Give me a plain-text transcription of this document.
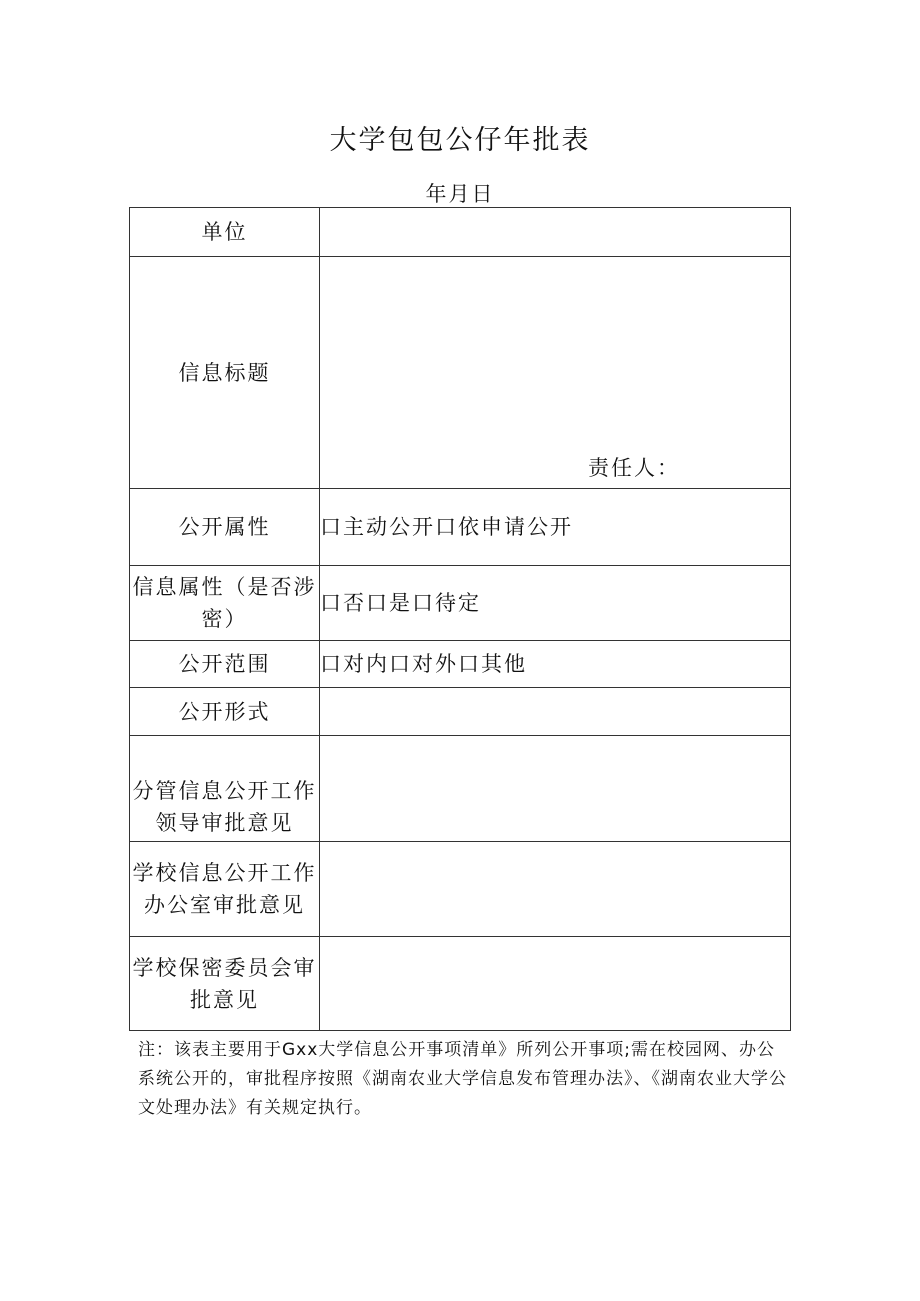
大学包包公仔年批表
年月日
单位	
信息标题	责任人：

公开属性	口主动公开口依申请公开
信息属性（是否涉密）	口否口是口待定
公开范围	口对内口对外口其他
公开形式	
分管信息公开工作领导审批意见	
学校信息公开工作办公室审批意见	
学校保密委员会审批意见	
注：该表主要用于Gxx大学信息公开事项清单》所列公开事项;需在校园网、办公系统公开的，审批程序按照《湖南农业大学信息发布管理办法》、《湖南农业大学公文处理办法》有关规定执行。
